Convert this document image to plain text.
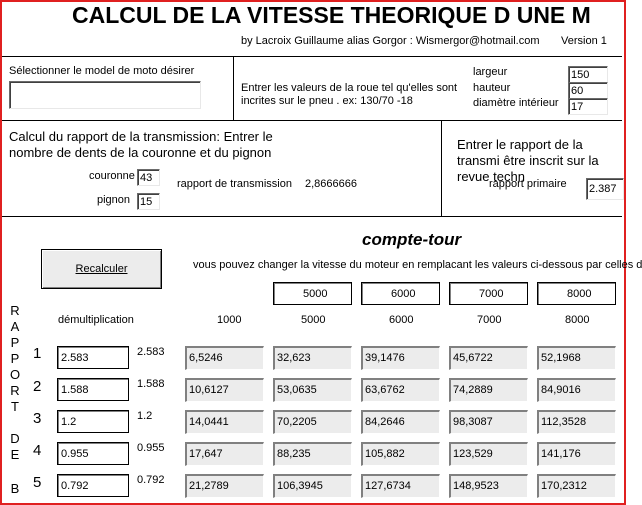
CALCUL DE LA VITESSE THEORIQUE D UNE M
by Lacroix Guillaume alias Gorgor : Wismergor@hotmail.com Version 1
Sélectionner le model de moto désirer
Entrer les valeurs de la roue tel qu'elles sont incrites sur le pneu . ex: 130/70 -18
largeur	150
hauteur	60
diamètre intérieur 17
Calcul du rapport de la transmission: Entrer le nombre de dents de la couronne et du pignon
couronne 43
pignon 15
rapport de transmission 2,8666666
Entrer le rapport de la transmi être inscrit sur la revue techn
rapport primaire 2.387
compte-tour
Recalculer	vous pouvez changer la vitesse du moteur en remplacant les valeurs ci-dessous par celles d
5000	6000	7000	8000
démultiplication	1000	5000	6000	7000	8000
R
A
P
P
O
R
T
D
E
B
1	2.583	2.583	6,5246	32,623	39,1476	45,6722	52,1968
2	1.588	1.588	10,6127	53,0635	63,6762	74,2889	84,9016
3	1.2	1.2	14,0441	70,2205	84,2646	98,3087	112,3528
4	0.955	0.955	17,647	88,235	105,882	123,529	141,176
5	0.792	0.792	21,2789	106,3945	127,6734	148,9523	170,2312
